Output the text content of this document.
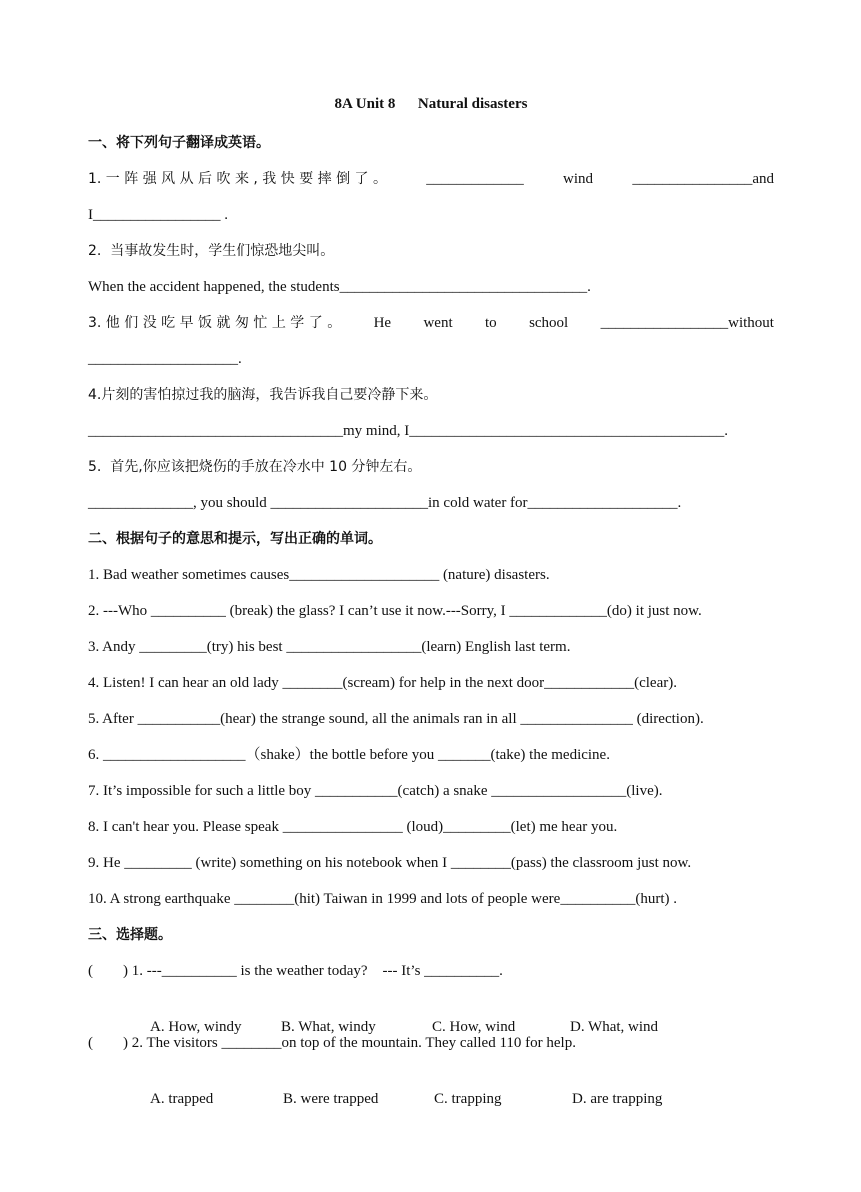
8A Unit 8      Natural disasters
一、将下列句子翻译成英语。
1. 一 阵 强 风 从 后 吹 来 , 我 快 要 摔 倒 了 。	_____________	wind	________________and
I_________________ .
2.  当事故发生时，学生们惊恐地尖叫。
When the accident happened, the students_________________________________.
3. 他 们 没 吃 早 饭 就 匆 忙 上 学 了 。 He went to school _________________without
____________________.
4.片刻的害怕掠过我的脑海，我告诉我自己要冷静下来。
__________________________________my mind, I__________________________________________.
5.  首先,你应该把烧伤的手放在冷水中 10 分钟左右。
______________, you should _____________________in cold water for____________________.
二、根据句子的意思和提示，写出正确的单词。
1. Bad weather sometimes causes____________________ (nature) disasters.
2. ---Who __________ (break) the glass? I can’t use it now.---Sorry, I _____________(do) it just now.
3. Andy _________(try) his best __________________(learn) English last term.
4. Listen! I can hear an old lady ________(scream) for help in the next door____________(clear).
5. After ___________(hear) the strange sound, all the animals ran in all _______________ (direction).
6. ___________________（shake）the bottle before you _______(take) the medicine.
7. It’s impossible for such a little boy ___________(catch) a snake __________________(live).
8. I can't hear you. Please speak ________________ (loud)_________(let) me hear you.
9. He _________ (write) something on his notebook when I ________(pass) the classroom just now.
10. A strong earthquake ________(hit) Taiwan in 1999 and lots of people were__________(hurt) .
三、选择题。
(        ) 1. ---__________ is the weather today?    --- It’s __________.

A. How, windy	B. What, windy	C. How, wind	D. What, wind

(        ) 2. The visitors ________on top of the mountain. They called 110 for help.

A. trapped	B. were trapped	C. trapping	D. are trapping
